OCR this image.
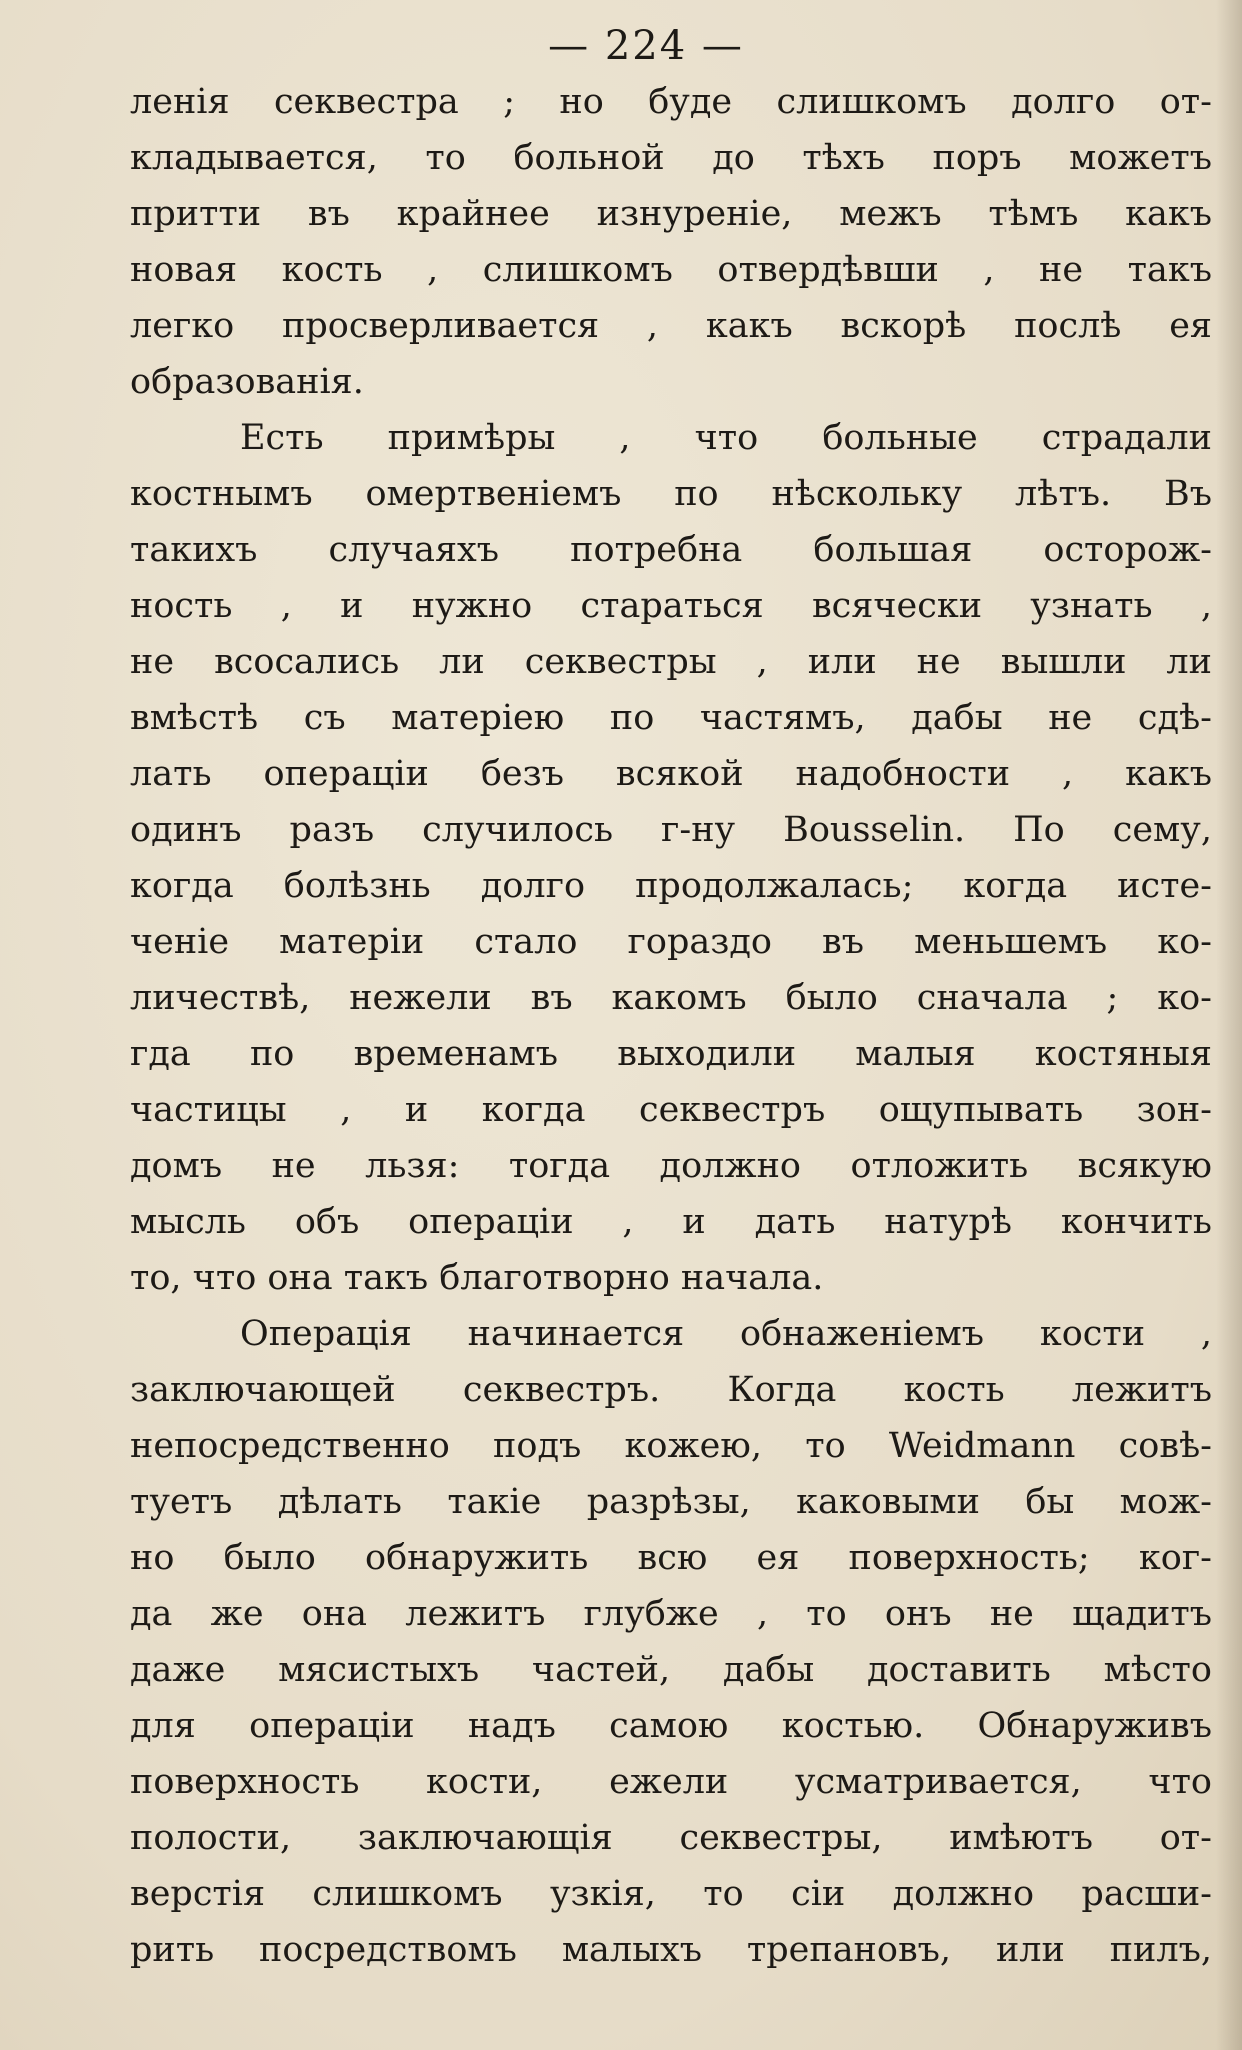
— 224 —
ленія секвестра ; но буде слишкомъ долго от-
кладывается, то больной до тѣхъ поръ можетъ
притти въ крайнее изнуреніе, межъ тѣмъ какъ
новая кость , слишкомъ отвердѣвши , не такъ
легко просверливается , какъ вскорѣ послѣ ея
образованія.
Есть примѣры , что больные страдали
костнымъ омертвеніемъ по нѣскольку лѣтъ. Въ
такихъ случаяхъ потребна большая осторож-
ность , и нужно стараться всячески узнать ,
не всосались ли секвестры , или не вышли ли
вмѣстѣ съ матеріею по частямъ, дабы не сдѣ-
лать операціи безъ всякой надобности , какъ
одинъ разъ случилось г-ну Bousselin. По сему,
когда болѣзнь долго продолжалась; когда исте-
ченіе матеріи стало гораздо въ меньшемъ ко-
личествѣ, нежели въ какомъ было сначала ; ко-
гда по временамъ выходили малыя костяныя
частицы , и когда секвестръ ощупывать зон-
домъ не льзя: тогда должно отложить всякую
мысль объ операціи , и дать натурѣ кончить
то, что она такъ благотворно начала.
Операція начинается обнаженіемъ кости ,
заключающей секвестръ. Когда кость лежитъ
непосредственно подъ кожею, то Weidmann совѣ-
туетъ дѣлать такіе разрѣзы, каковыми бы мож-
но было обнаружить всю ея поверхность; ког-
да же она лежитъ глубже , то онъ не щадитъ
даже мясистыхъ частей, дабы доставить мѣсто
для операціи надъ самою костью. Обнаруживъ
поверхность кости, ежели усматривается, что
полости, заключающія секвестры, имѣютъ от-
верстія слишкомъ узкія, то сіи должно расши-
рить посредствомъ малыхъ трепановъ, или пилъ,
